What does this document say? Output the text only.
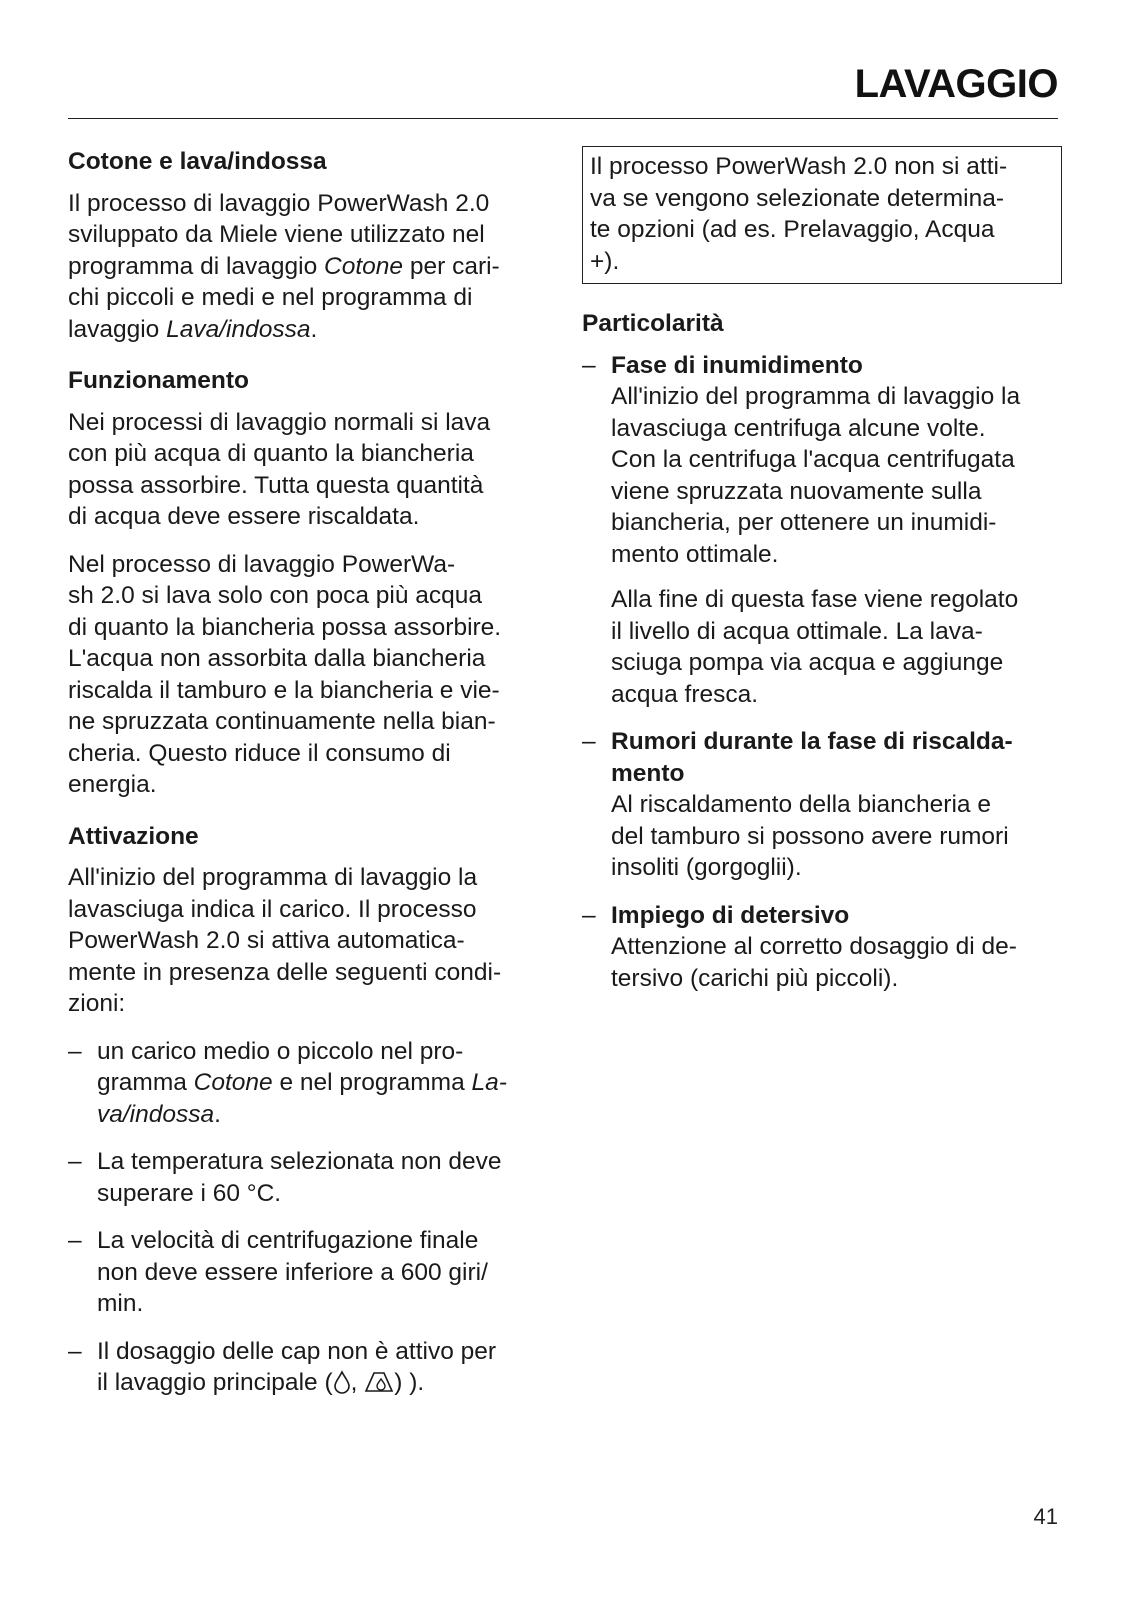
LAVAGGIO
Cotone e lava/indossa

Il processo di lavaggio PowerWash 2.0
sviluppato da Miele viene utilizzato nel
programma di lavaggio Cotone per cari-
chi piccoli e medi e nel programma di
lavaggio Lava/indossa.

Funzionamento

Nei processi di lavaggio normali si lava
con più acqua di quanto la biancheria
possa assorbire. Tutta questa quantità
di acqua deve essere riscaldata.

Nel processo di lavaggio PowerWa-
sh 2.0 si lava solo con poca più acqua
di quanto la biancheria possa assorbire.
L'acqua non assorbita dalla biancheria
riscalda il tamburo e la biancheria e vie-
ne spruzzata continuamente nella bian-
cheria. Questo riduce il consumo di
energia.

Attivazione

All'inizio del programma di lavaggio la
lavasciuga indica il carico. Il processo
PowerWash 2.0 si attiva automatica-
mente in presenza delle seguenti condi-
zioni:

– un carico medio o piccolo nel pro-
gramma Cotone e nel programma La-
va/indossa.
– La temperatura selezionata non deve
superare i 60 °C.
– La velocità di centrifugazione finale
non deve essere inferiore a 600 giri/
min.
– Il dosaggio delle cap non è attivo per
il lavaggio principale ( , ) ).
Il processo PowerWash 2.0 non si atti-
va se vengono selezionate determina-
te opzioni (ad es. Prelavaggio, Acqua
+).
Particolarità
– Fase di inumidimento
All'inizio del programma di lavaggio la
lavasciuga centrifuga alcune volte.
Con la centrifuga l'acqua centrifugata
viene spruzzata nuovamente sulla
biancheria, per ottenere un inumidi-
mento ottimale.
Alla fine di questa fase viene regolato
il livello di acqua ottimale. La lava-
sciuga pompa via acqua e aggiunge
acqua fresca.
– Rumori durante la fase di riscalda-
mento
Al riscaldamento della biancheria e
del tamburo si possono avere rumori
insoliti (gorgoglii).
– Impiego di detersivo
Attenzione al corretto dosaggio di de-
tersivo (carichi più piccoli).
41
